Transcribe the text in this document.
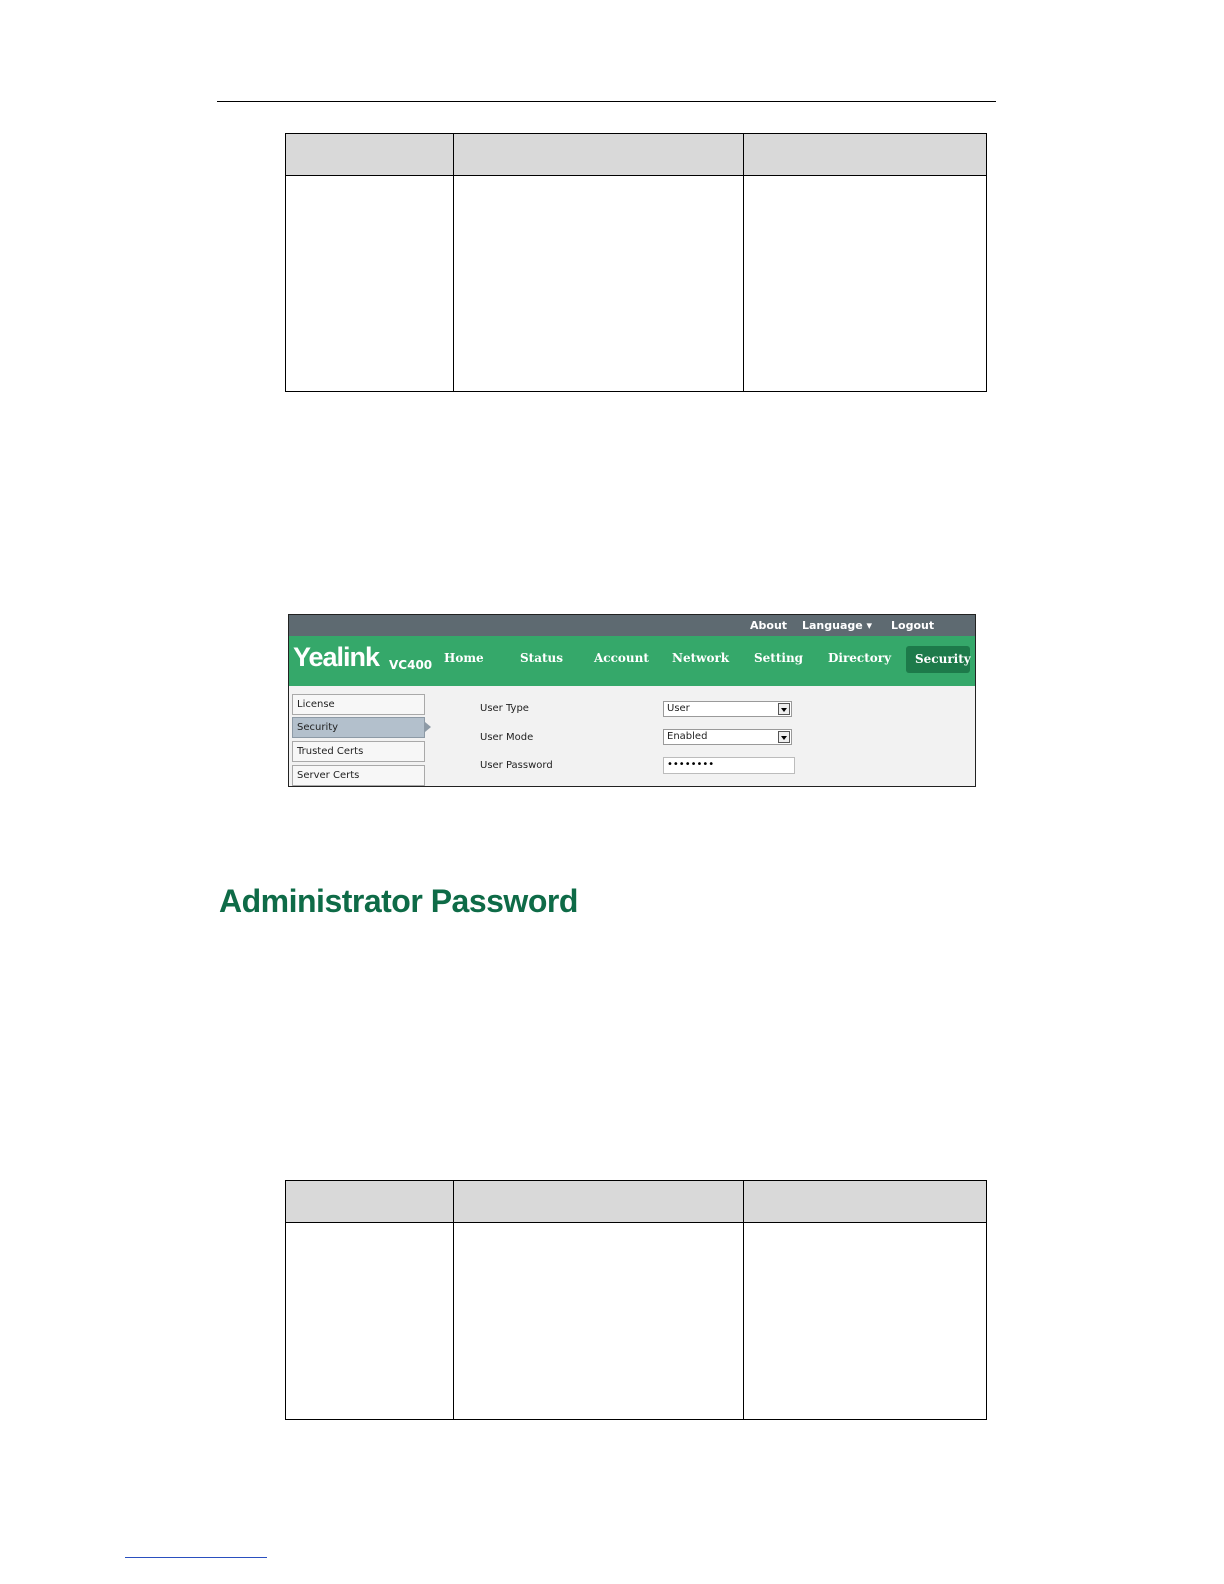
About Language ▾ Logout
Yealink VC400 Home	Status	Account Network Setting Directory Security
License
Security
Trusted Certs
Server Certs
User Type	User
User Mode	Enabled
User Password	••••••••
Administrator Password
